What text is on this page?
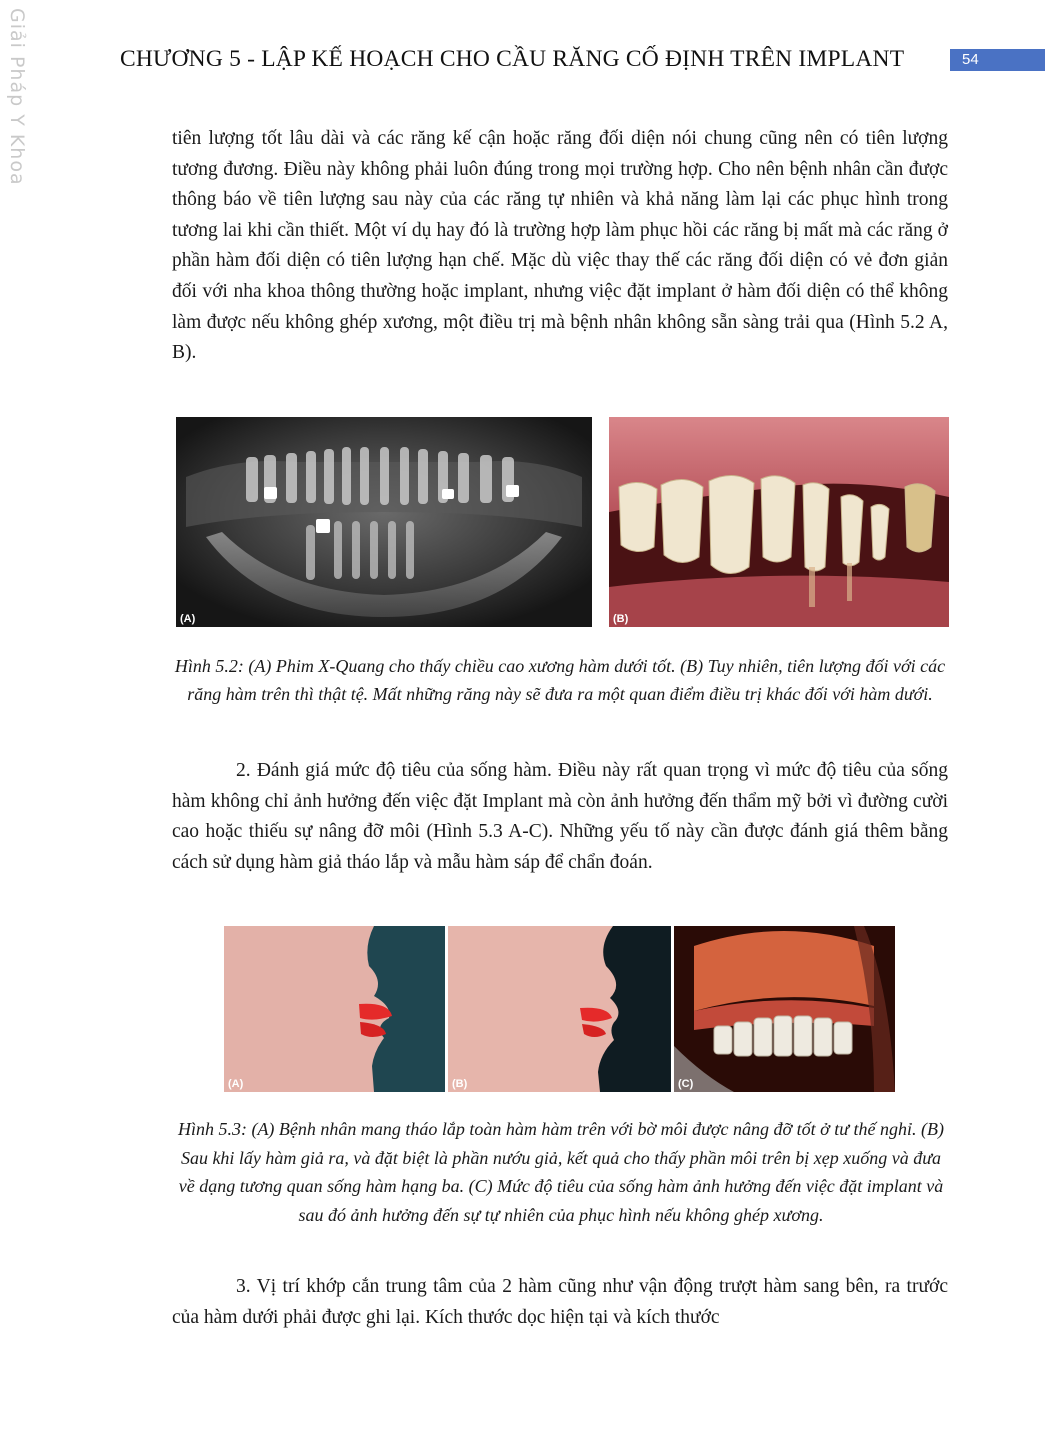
Giải Pháp Y Khoa	CHƯƠNG 5 - LẬP KẾ HOẠCH CHO CẦU RĂNG CỐ ĐỊNH TRÊN IMPLANT	54

tiên lượng tốt lâu dài và các răng kế cận hoặc răng đối diện nói chung cũng nên có tiên lượng tương đương. Điều này không phải luôn đúng trong mọi trường hợp. Cho nên bệnh nhân cần được thông báo về tiên lượng sau này của các răng tự nhiên và khả năng làm lại các phục hình trong tương lai khi cần thiết. Một ví dụ hay đó là trường hợp làm phục hồi các răng bị mất mà các răng ở phần hàm đối diện có tiên lượng hạn chế. Mặc dù việc thay thế các răng đối diện có vẻ đơn giản đối với nha khoa thông thường hoặc implant, nhưng việc đặt implant ở hàm đối diện có thể không làm được nếu không ghép xương, một điều trị mà bệnh nhân không sẵn sàng trải qua (Hình 5.2 A, B).

(A)	(B)
Hình 5.2: (A) Phim X-Quang cho thấy chiều cao xương hàm dưới tốt. (B) Tuy nhiên, tiên lượng đối với các răng hàm trên thì thật tệ. Mất những răng này sẽ đưa ra một quan điểm điều trị khác đối với hàm dưới.

2. Đánh giá mức độ tiêu của sống hàm. Điều này rất quan trọng vì mức độ tiêu của sống hàm không chỉ ảnh hưởng đến việc đặt Implant mà còn ảnh hưởng đến thẩm mỹ bởi vì đường cười cao hoặc thiếu sự nâng đỡ môi (Hình 5.3 A-C). Những yếu tố này cần được đánh giá thêm bằng cách sử dụng hàm giả tháo lắp và mẫu hàm sáp để chẩn đoán.

(A)	(B)	(C)
Hình 5.3: (A) Bệnh nhân mang tháo lắp toàn hàm hàm trên với bờ môi được nâng đỡ tốt ở tư thế nghỉ. (B) Sau khi lấy hàm giả ra, và đặt biệt là phần nướu giả, kết quả cho thấy phần môi trên bị xẹp xuống và đưa về dạng tương quan sống hàm hạng ba. (C) Mức độ tiêu của sống hàm ảnh hưởng đến việc đặt implant và sau đó ảnh hưởng đến sự tự nhiên của phục hình nếu không ghép xương.

3. Vị trí khớp cắn trung tâm của 2 hàm cũng như vận động trượt hàm sang bên, ra trước của hàm dưới phải được ghi lại. Kích thước dọc hiện tại và kích thước
